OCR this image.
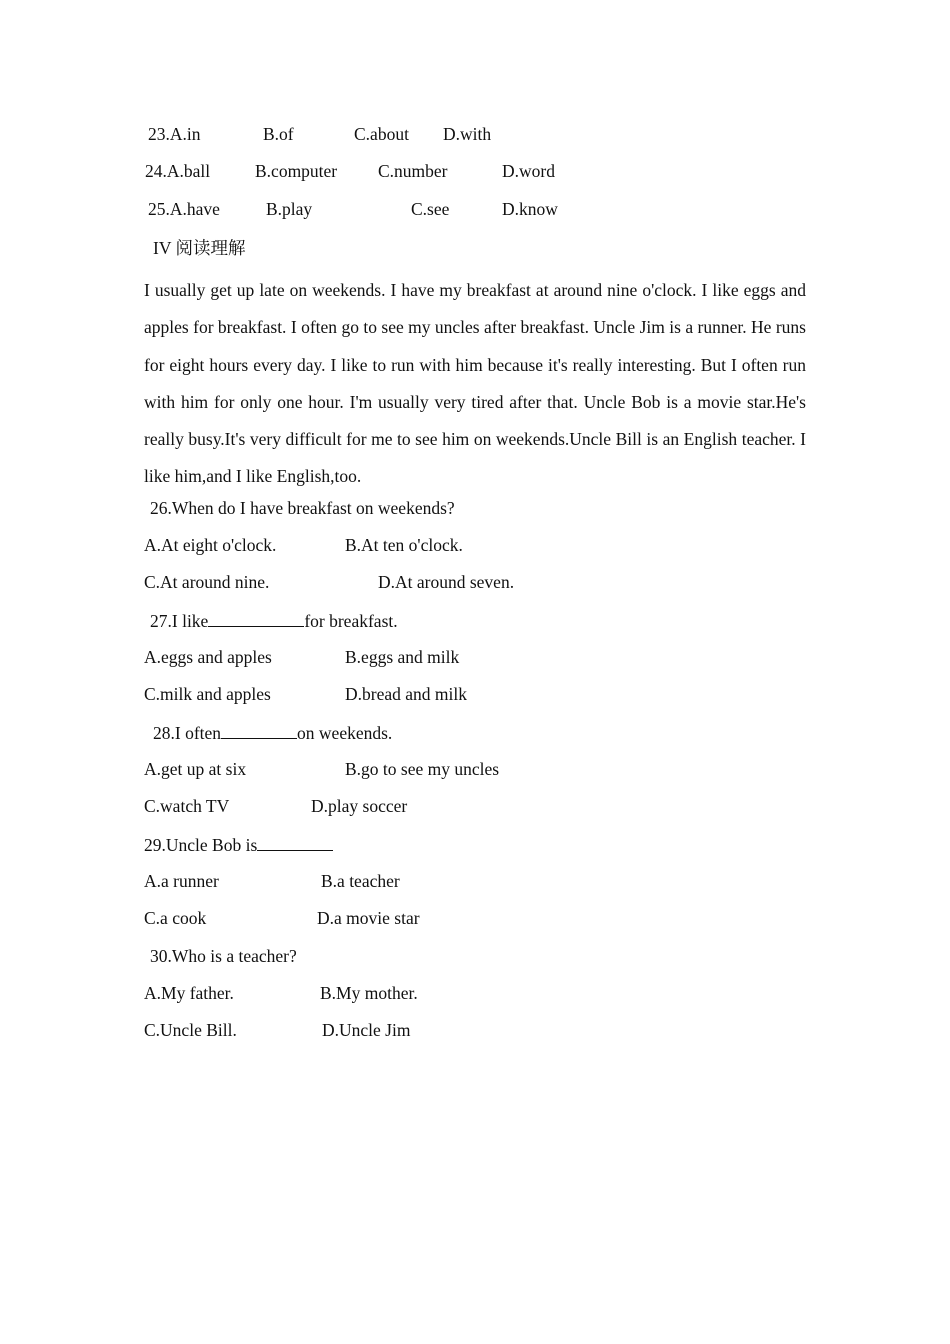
23.A.in	B.of	C.about D.with
24.A.ball	B.computer C.number	D.word
25.A.have	B.play	C.see	D.know
IV 阅读理解
I usually get up late on weekends. I have my breakfast at around nine o'clock. I like eggs and apples for breakfast. I often go to see my uncles after breakfast. Uncle Jim is a runner. He runs for eight hours every day. I like to run with him because it's really interesting. But I often run with him for only one hour. I'm usually very tired after that. Uncle Bob is a movie star.He's really busy.It's very difficult for me to see him on weekends.Uncle Bill is an English teacher. I like him,and I like English,too.
26.When do I have breakfast on weekends?
A.At eight o'clock.	B.At ten o'clock.
C.At around nine.	D.At around seven.
27.I like	for breakfast.
A.eggs and apples	B.eggs and milk
C.milk and apples	D.bread and milk
28.I often	on weekends.
A.get up at six	B.go to see my uncles
C.watch TV	D.play soccer
29.Uncle Bob is
A.a runner	B.a teacher
C.a cook	D.a movie star
30.Who is a teacher?
A.My father.	B.My mother.
C.Uncle Bill.	D.Uncle Jim
